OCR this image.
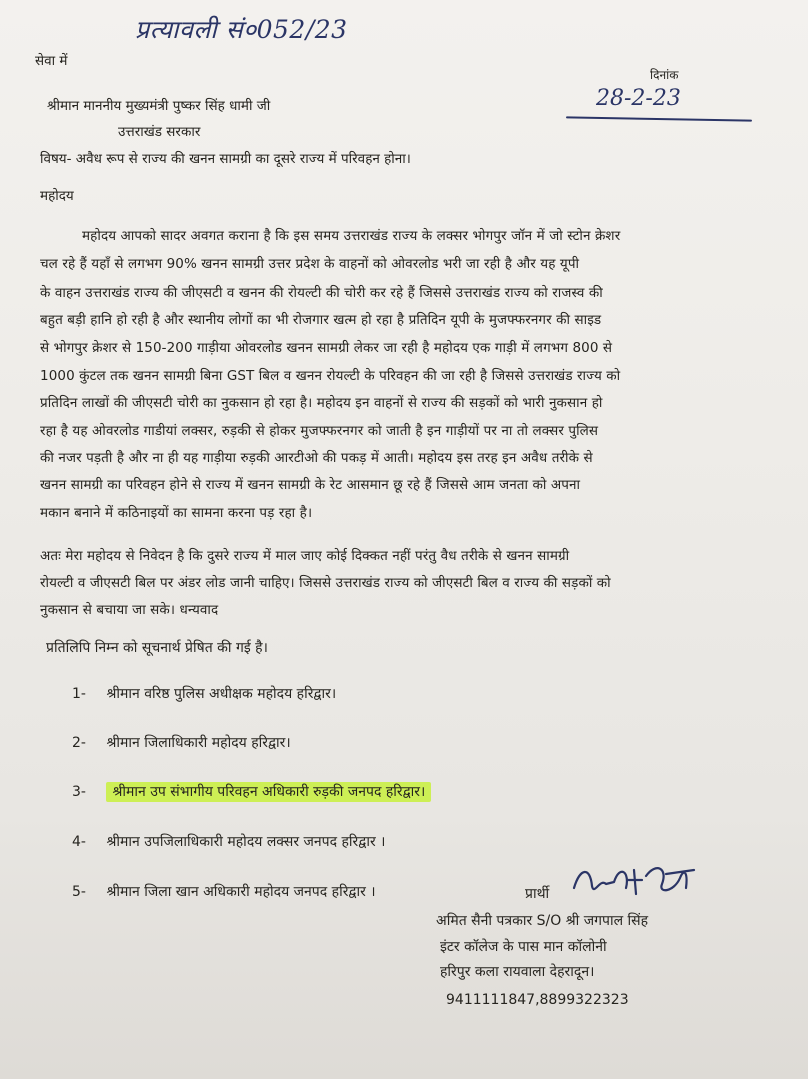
प्रत्यावली सं०052/23
सेवा में
दिनांक
28-2-23
श्रीमान माननीय मुख्यमंत्री पुष्कर सिंह धामी जी
उत्तराखंड सरकार
विषय- अवैध रूप से राज्य की खनन सामग्री का दूसरे राज्य में परिवहन होना।
महोदय
महोदय आपको सादर अवगत कराना है कि इस समय उत्तराखंड राज्य के लक्सर भोगपुर जॉन में जो स्टोन क्रेशर
चल रहे हैं यहाँ से लगभग 90% खनन सामग्री उत्तर प्रदेश के वाहनों को ओवरलोड भरी जा रही है और यह यूपी
के वाहन उत्तराखंड राज्य की जीएसटी व खनन की रोयल्टी की चोरी कर रहे हैं जिससे उत्तराखंड राज्य को राजस्व की
बहुत बड़ी हानि हो रही है और स्थानीय लोगों का भी रोजगार खत्म हो रहा है प्रतिदिन यूपी के मुजफ्फरनगर की साइड
से भोगपुर क्रेशर से 150-200 गाड़ीया ओवरलोड खनन सामग्री लेकर जा रही है महोदय एक गाड़ी में लगभग 800 से
1000 कुंटल तक खनन सामग्री बिना GST बिल व खनन रोयल्टी के परिवहन की जा रही है जिससे उत्तराखंड राज्य को
प्रतिदिन लाखों की जीएसटी चोरी का नुकसान हो रहा है। महोदय इन वाहनों से राज्य की सड़कों को भारी नुकसान हो
रहा है यह ओवरलोड गाडीयां लक्सर, रुड़की से होकर मुजफ्फरनगर को जाती है इन गाड़ीयों पर ना तो लक्सर पुलिस
की नजर पड़ती है और ना ही यह गाड़ीया रुड़की आरटीओ की पकड़ में आती। महोदय इस तरह इन अवैध तरीके से
खनन सामग्री का परिवहन होने से राज्य में खनन सामग्री के रेट आसमान छू रहे हैं जिससे आम जनता को अपना
मकान बनाने में कठिनाइयों का सामना करना पड़ रहा है।
अतः मेरा महोदय से निवेदन है कि दुसरे राज्य में माल जाए कोई दिक्कत नहीं परंतु वैध तरीके से खनन सामग्री
रोयल्टी व जीएसटी बिल पर अंडर लोड जानी चाहिए। जिससे उत्तराखंड राज्य को जीएसटी बिल व राज्य की सड़कों को
नुकसान से बचाया जा सके। धन्यवाद
प्रतिलिपि निम्न को सूचनार्थ प्रेषित की गई है।
1- श्रीमान वरिष्ठ पुलिस अधीक्षक महोदय हरिद्वार।
2- श्रीमान जिलाधिकारी महोदय हरिद्वार।
3- श्रीमान उप संभागीय परिवहन अधिकारी रुड़की जनपद हरिद्वार।
4- श्रीमान उपजिलाधिकारी महोदय लक्सर जनपद हरिद्वार ।
5- श्रीमान जिला खान अधिकारी महोदय जनपद हरिद्वार ।	प्रार्थी
अमित सैनी पत्रकार S/O श्री जगपाल सिंह
इंटर कॉलेज के पास मान कॉलोनी
हरिपुर कला रायवाला देहरादून।
9411111847,8899322323
